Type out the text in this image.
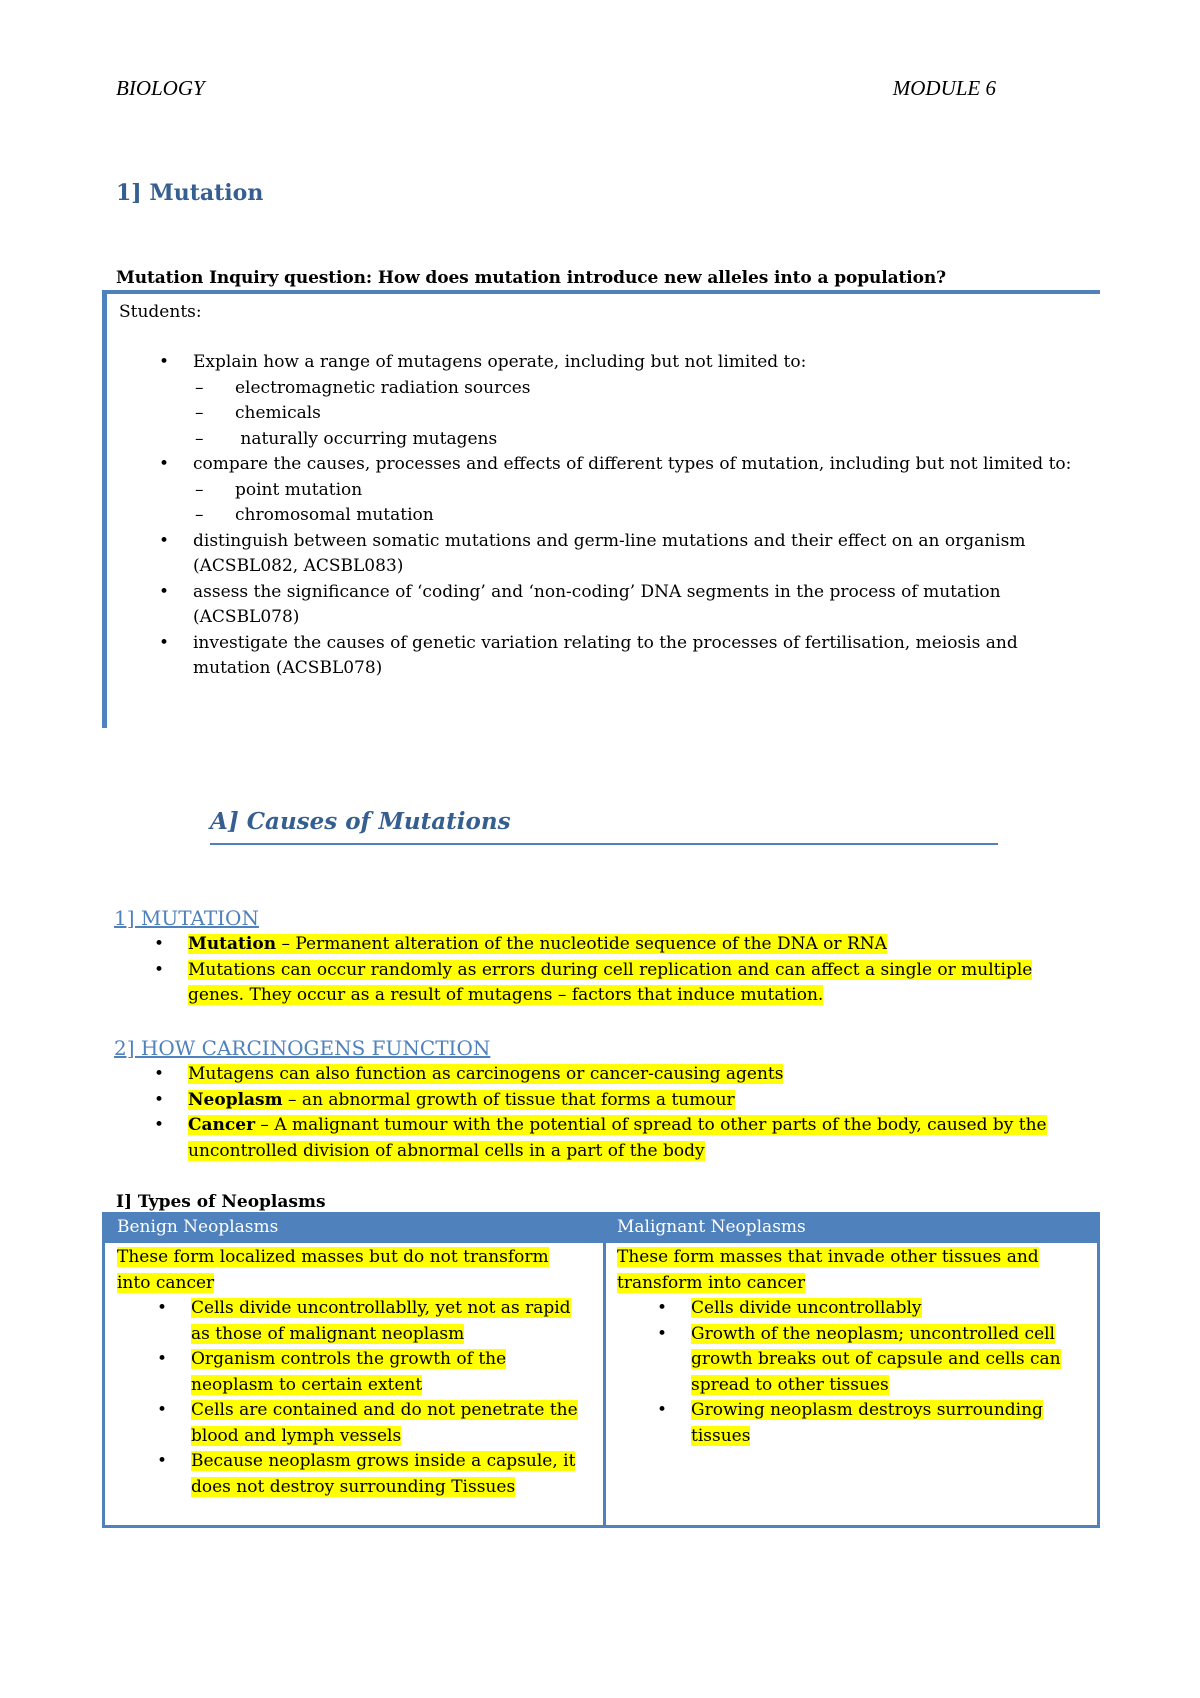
BIOLOGY	MODULE 6
1] Mutation
Mutation Inquiry question: How does mutation introduce new alleles into a population?
Students:
• Explain how a range of mutagens operate, including but not limited to:
– electromagnetic radiation sources
– chemicals
– naturally occurring mutagens
• compare the causes, processes and effects of different types of mutation, including but not limited to:
– point mutation
– chromosomal mutation
• distinguish between somatic mutations and germ-line mutations and their effect on an organism (ACSBL082, ACSBL083)
• assess the significance of ‘coding’ and ‘non-coding’ DNA segments in the process of mutation (ACSBL078)
• investigate the causes of genetic variation relating to the processes of fertilisation, meiosis and mutation (ACSBL078)
A] Causes of Mutations
1] MUTATION
• Mutation – Permanent alteration of the nucleotide sequence of the DNA or RNA
• Mutations can occur randomly as errors during cell replication and can affect a single or multiple genes. They occur as a result of mutagens – factors that induce mutation.
2] HOW CARCINOGENS FUNCTION
• Mutagens can also function as carcinogens or cancer-causing agents
• Neoplasm – an abnormal growth of tissue that forms a tumour
• Cancer – A malignant tumour with the potential of spread to other parts of the body, caused by the uncontrolled division of abnormal cells in a part of the body
I] Types of Neoplasms
Benign Neoplasms	Malignant Neoplasms
These form localized masses but do not transform into cancer
• Cells divide uncontrollablly, yet not as rapid as those of malignant neoplasm
• Organism controls the growth of the neoplasm to certain extent
• Cells are contained and do not penetrate the blood and lymph vessels
• Because neoplasm grows inside a capsule, it does not destroy surrounding Tissues
These form masses that invade other tissues and transform into cancer
• Cells divide uncontrollably
• Growth of the neoplasm; uncontrolled cell growth breaks out of capsule and cells can spread to other tissues
• Growing neoplasm destroys surrounding tissues
